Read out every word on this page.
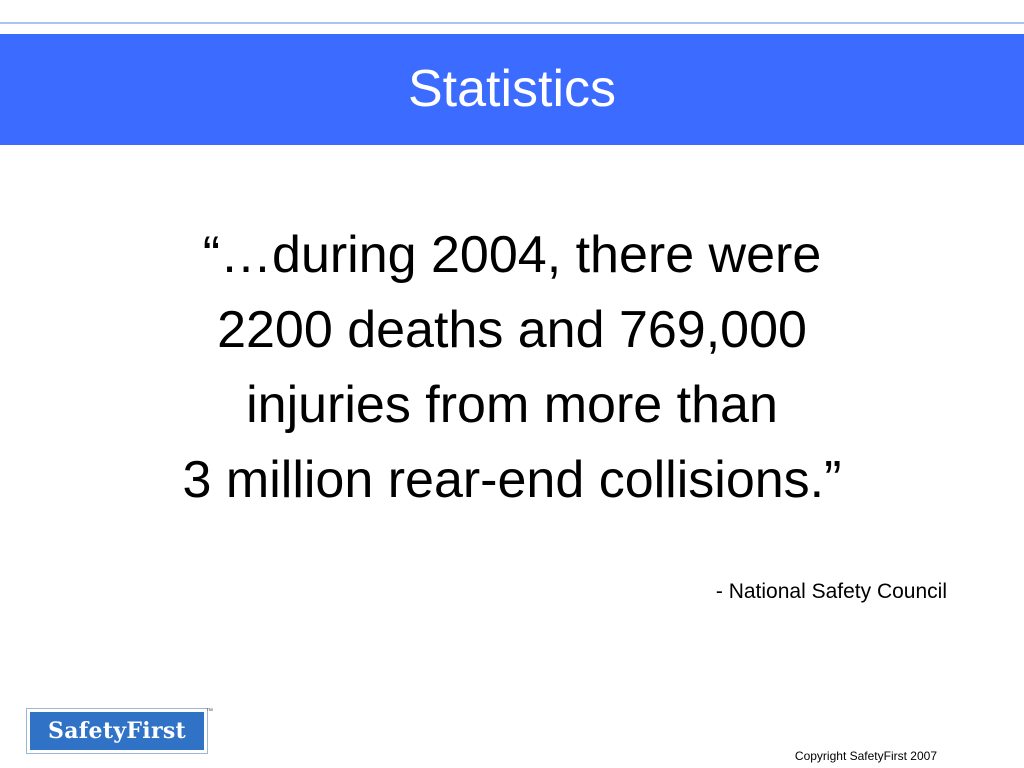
Statistics
“…during 2004, there were
2200 deaths and 769,000
injuries from more than
3 million rear-end collisions.”
- National Safety Council
SafetyFirst
™
Copyright SafetyFirst 2007
